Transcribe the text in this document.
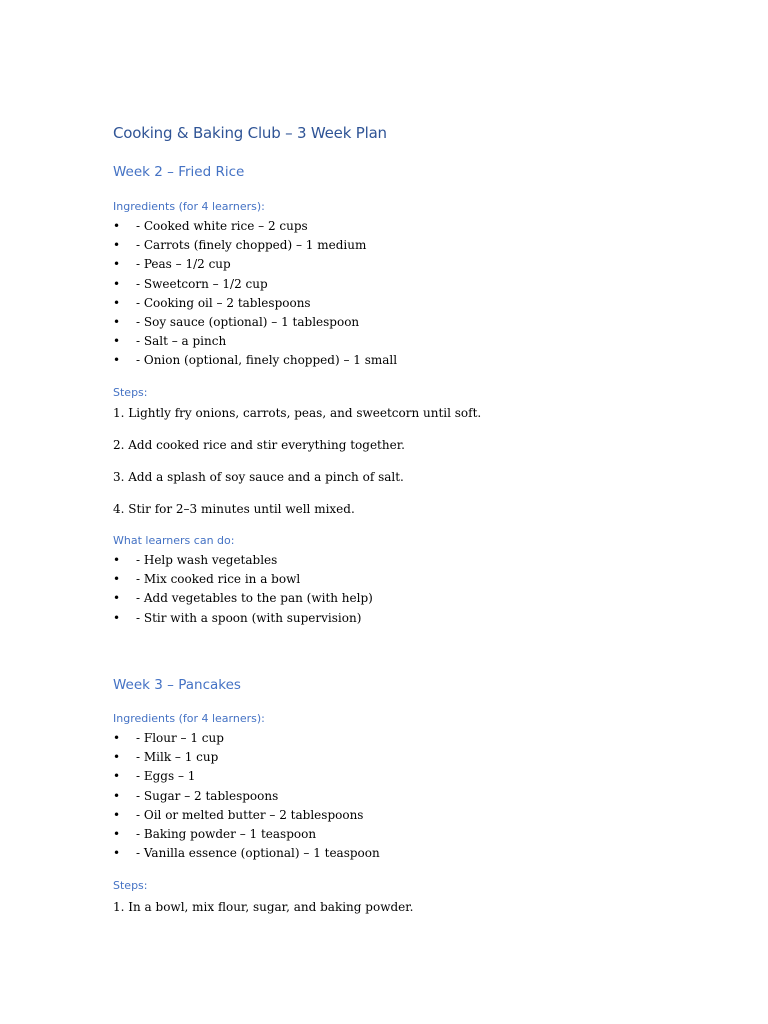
Cooking & Baking Club – 3 Week Plan
Week 2 – Fried Rice
Ingredients (for 4 learners):
• - Cooked white rice – 2 cups
• - Carrots (finely chopped) – 1 medium
• - Peas – 1/2 cup
• - Sweetcorn – 1/2 cup
• - Cooking oil – 2 tablespoons
• - Soy sauce (optional) – 1 tablespoon
• - Salt – a pinch
• - Onion (optional, finely chopped) – 1 small
Steps:

1. Lightly fry onions, carrots, peas, and sweetcorn until soft.

2. Add cooked rice and stir everything together.

3. Add a splash of soy sauce and a pinch of salt.

4. Stir for 2–3 minutes until well mixed.

What learners can do:
• - Help wash vegetables
• - Mix cooked rice in a bowl
• - Add vegetables to the pan (with help)
• - Stir with a spoon (with supervision)
Week 3 – Pancakes
Ingredients (for 4 learners):
• - Flour – 1 cup
• - Milk – 1 cup
• - Eggs – 1
• - Sugar – 2 tablespoons
• - Oil or melted butter – 2 tablespoons
• - Baking powder – 1 teaspoon
• - Vanilla essence (optional) – 1 teaspoon
Steps:

1. In a bowl, mix flour, sugar, and baking powder.
